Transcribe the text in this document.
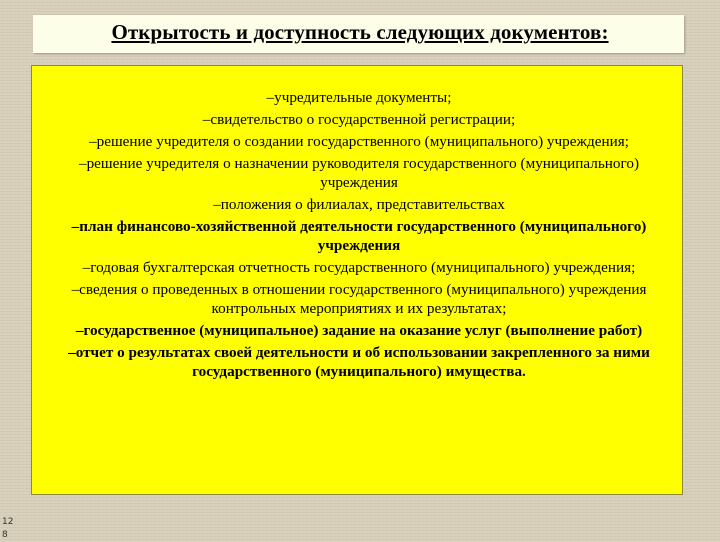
Открытость и доступность следующих документов:
–учредительные документы;
–свидетельство о государственной регистрации;
–решение учредителя о создании государственного (муниципального) учреждения;
–решение учредителя о назначении руководителя государственного (муниципального) учреждения
–положения о филиалах, представительствах
–план финансово-хозяйственной деятельности государственного (муниципального) учреждения
–годовая бухгалтерская отчетность государственного (муниципального) учреждения;
–сведения о проведенных в отношении государственного (муниципального) учреждения контрольных мероприятиях и их результатах;
–государственное (муниципальное) задание на оказание услуг (выполнение работ)
–отчет о результатах своей деятельности и об использовании закрепленного за ними государственного (муниципального) имущества.
128
